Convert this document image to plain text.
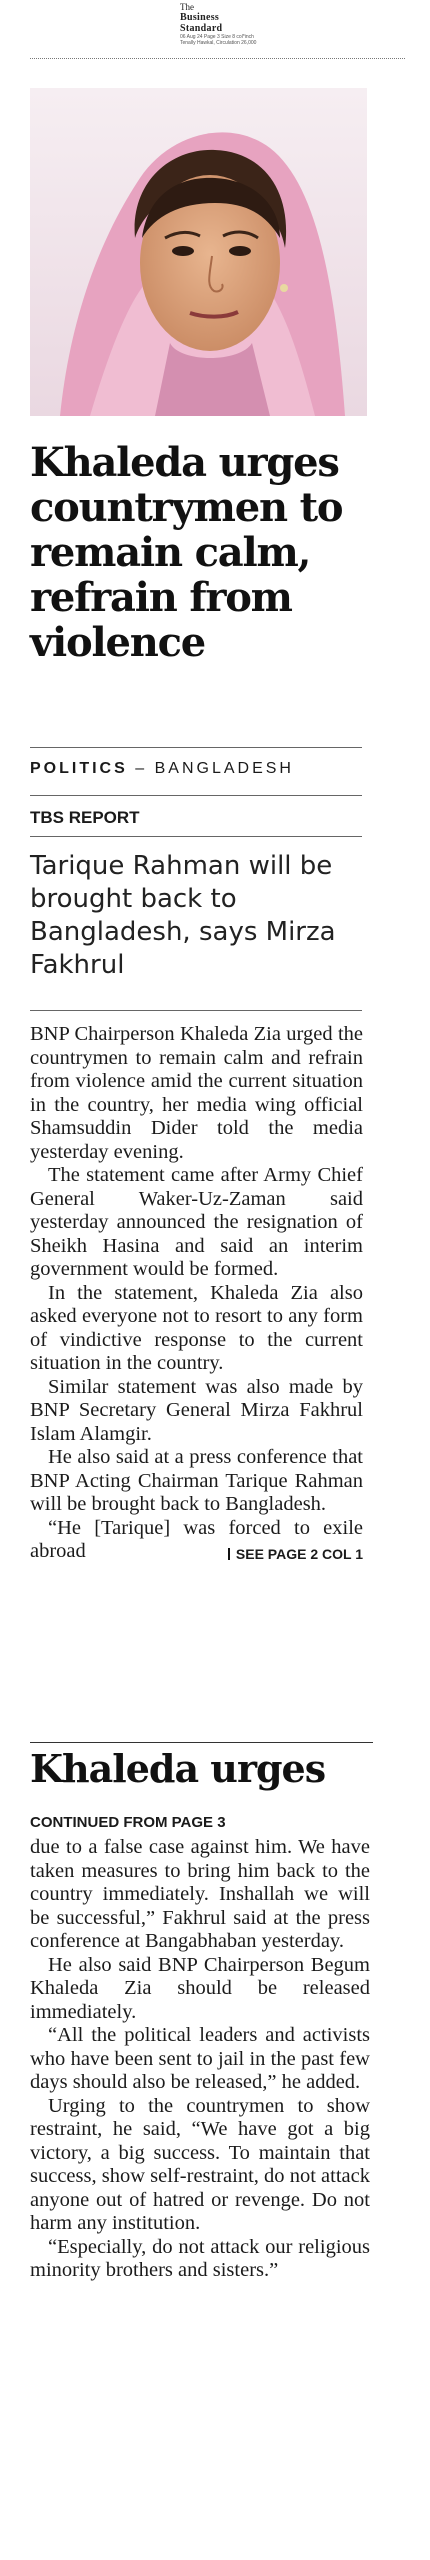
The
Business
Standard
06 Aug 24 Page 3 Size 8 col*inch
Tenally Hawkal, Circulation 26,000
Khaleda urges countrymen to remain calm, refrain from violence
POLITICS – BANGLADESH
TBS REPORT
Tarique Rahman will be brought back to Bangladesh, says Mirza Fakhrul

BNP Chairperson Khaleda Zia urged the countrymen to remain calm and refrain from violence amid the current situation in the country, her media wing official Shamsuddin Dider told the media yesterday evening.

The statement came after Army Chief General Waker-Uz-Zaman said yesterday announced the resignation of Sheikh Hasina and said an interim government would be formed.

In the statement, Khaleda Zia also asked everyone not to resort to any form of vindictive response to the current situation in the country.

Similar statement was also made by BNP Secretary General Mirza Fakhrul Islam Alamgir.

He also said at a press conference that BNP Acting Chairman Tarique Rahman will be brought back to Bangladesh.

“He [Tarique] was forced to exile abroad	SEE PAGE 2 COL 1

Khaleda urges
CONTINUED FROM PAGE 3

due to a false case against him. We have taken measures to bring him back to the country immediately. Inshallah we will be successful,” Fakhrul said at the press conference at Bangabhaban yesterday.

He also said BNP Chairperson Begum Khaleda Zia should be released immediately.

“All the political leaders and activists who have been sent to jail in the past few days should also be released,” he added.

Urging to the countrymen to show restraint, he said, “We have got a big victory, a big success. To maintain that success, show self-restraint, do not attack anyone out of hatred or revenge. Do not harm any institution.

“Especially, do not attack our religious minority brothers and sisters.”
